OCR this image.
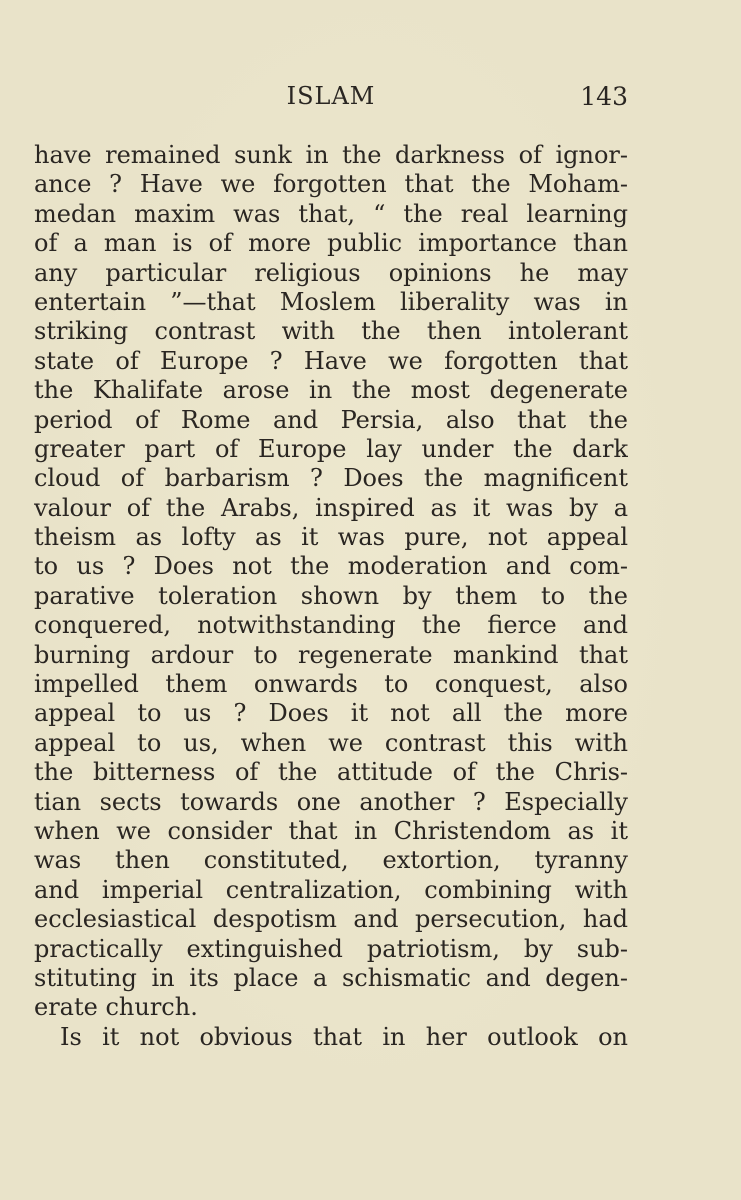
ISLAM	143
have remained sunk in the darkness of ignor-
ance ? Have we forgotten that the Moham-
medan maxim was that, “ the real learning
of a man is of more public importance than
any particular religious opinions he may
entertain ”—that Moslem liberality was in
striking contrast with the then intolerant
state of Europe ? Have we forgotten that
the Khalifate arose in the most degenerate
period of Rome and Persia, also that the
greater part of Europe lay under the dark
cloud of barbarism ? Does the magnificent
valour of the Arabs, inspired as it was by a
theism as lofty as it was pure, not appeal
to us ? Does not the moderation and com-
parative toleration shown by them to the
conquered, notwithstanding the fierce and
burning ardour to regenerate mankind that
impelled them onwards to conquest, also
appeal to us ? Does it not all the more
appeal to us, when we contrast this with
the bitterness of the attitude of the Chris-
tian sects towards one another ? Especially
when we consider that in Christendom as it
was then constituted, extortion, tyranny
and imperial centralization, combining with
ecclesiastical despotism and persecution, had
practically extinguished patriotism, by sub-
stituting in its place a schismatic and degen-
erate church.
Is it not obvious that in her outlook on
